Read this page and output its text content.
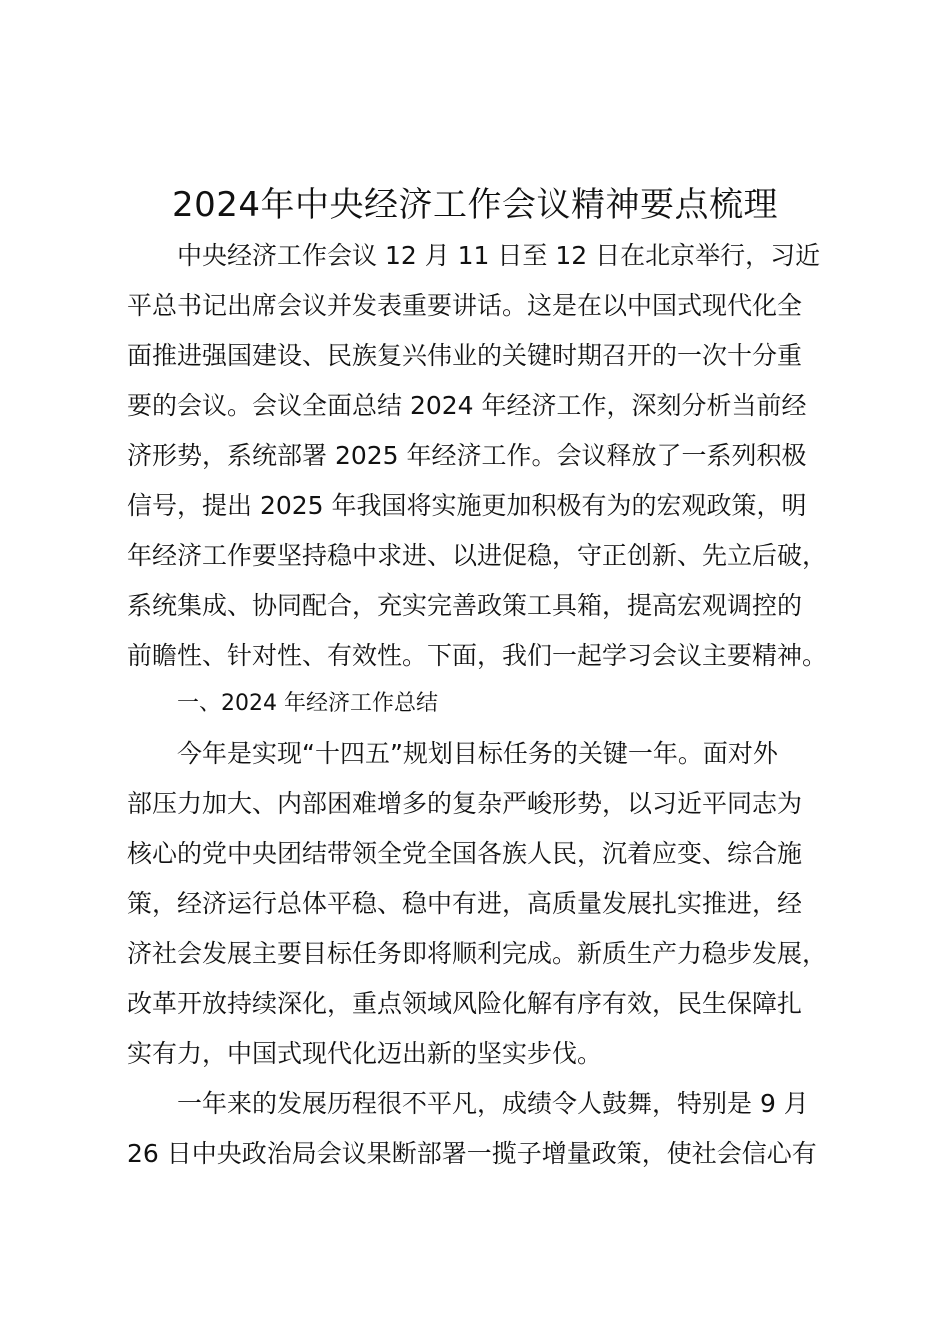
2024年中央经济工作会议精神要点梳理
中央经济工作会议 12 月 11 日至 12 日在北京举行，习近
平总书记出席会议并发表重要讲话。这是在以中国式现代化全
面推进强国建设、民族复兴伟业的关键时期召开的一次十分重
要的会议。会议全面总结 2024 年经济工作，深刻分析当前经
济形势，系统部署 2025 年经济工作。会议释放了一系列积极
信号，提出 2025 年我国将实施更加积极有为的宏观政策，明
年经济工作要坚持稳中求进、以进促稳，守正创新、先立后破，
系统集成、协同配合，充实完善政策工具箱，提高宏观调控的
前瞻性、针对性、有效性。下面，我们一起学习会议主要精神。
一、2024 年经济工作总结
今年是实现“十四五”规划目标任务的关键一年。面对外
部压力加大、内部困难增多的复杂严峻形势，以习近平同志为
核心的党中央团结带领全党全国各族人民，沉着应变、综合施
策，经济运行总体平稳、稳中有进，高质量发展扎实推进，经
济社会发展主要目标任务即将顺利完成。新质生产力稳步发展，
改革开放持续深化，重点领域风险化解有序有效，民生保障扎
实有力，中国式现代化迈出新的坚实步伐。
一年来的发展历程很不平凡，成绩令人鼓舞，特别是 9 月
26 日中央政治局会议果断部署一揽子增量政策，使社会信心有
